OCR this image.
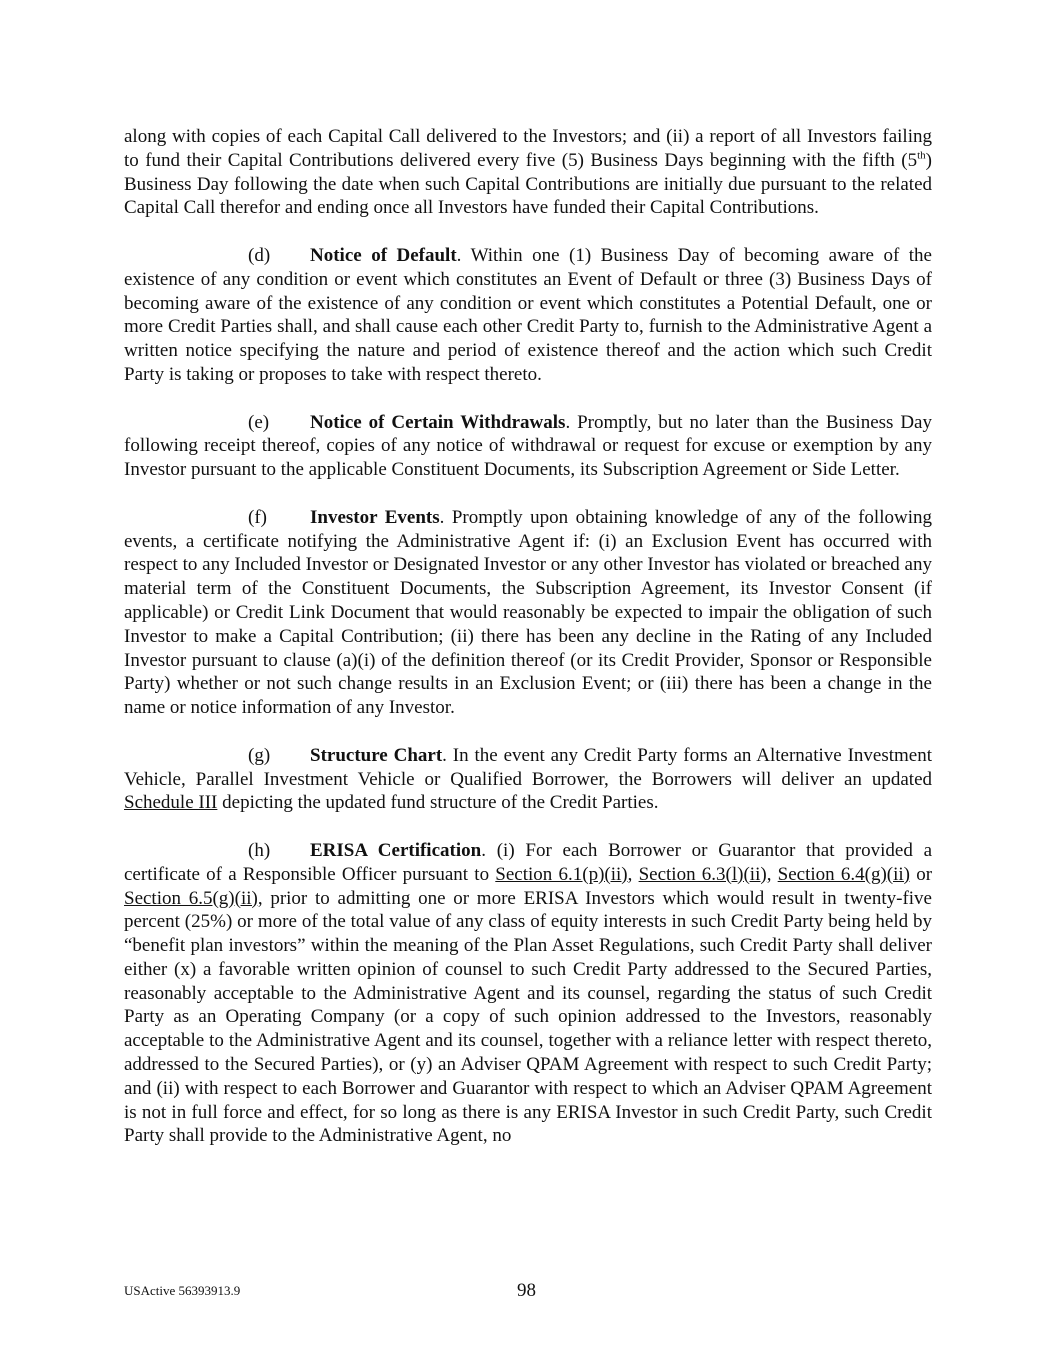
along with copies of each Capital Call delivered to the Investors; and (ii) a report of all Investors failing to fund their Capital Contributions delivered every five (5) Business Days beginning with the fifth (5th) Business Day following the date when such Capital Contributions are initially due pursuant to the related Capital Call therefor and ending once all Investors have funded their Capital Contributions.

(d) Notice of Default. Within one (1) Business Day of becoming aware of the existence of any condition or event which constitutes an Event of Default or three (3) Business Days of becoming aware of the existence of any condition or event which constitutes a Potential Default, one or more Credit Parties shall, and shall cause each other Credit Party to, furnish to the Administrative Agent a written notice specifying the nature and period of existence thereof and the action which such Credit Party is taking or proposes to take with respect thereto.

(e) Notice of Certain Withdrawals. Promptly, but no later than the Business Day following receipt thereof, copies of any notice of withdrawal or request for excuse or exemption by any Investor pursuant to the applicable Constituent Documents, its Subscription Agreement or Side Letter.

(f) Investor Events. Promptly upon obtaining knowledge of any of the following events, a certificate notifying the Administrative Agent if: (i) an Exclusion Event has occurred with respect to any Included Investor or Designated Investor or any other Investor has violated or breached any material term of the Constituent Documents, the Subscription Agreement, its Investor Consent (if applicable) or Credit Link Document that would reasonably be expected to impair the obligation of such Investor to make a Capital Contribution; (ii) there has been any decline in the Rating of any Included Investor pursuant to clause (a)(i) of the definition thereof (or its Credit Provider, Sponsor or Responsible Party) whether or not such change results in an Exclusion Event; or (iii) there has been a change in the name or notice information of any Investor.

(g) Structure Chart. In the event any Credit Party forms an Alternative Investment Vehicle, Parallel Investment Vehicle or Qualified Borrower, the Borrowers will deliver an updated Schedule III depicting the updated fund structure of the Credit Parties.

(h) ERISA Certification. (i) For each Borrower or Guarantor that provided a certificate of a Responsible Officer pursuant to Section 6.1(p)(ii), Section 6.3(l)(ii), Section 6.4(g)(ii) or Section 6.5(g)(ii), prior to admitting one or more ERISA Investors which would result in twenty-five percent (25%) or more of the total value of any class of equity interests in such Credit Party being held by “benefit plan investors” within the meaning of the Plan Asset Regulations, such Credit Party shall deliver either (x) a favorable written opinion of counsel to such Credit Party addressed to the Secured Parties, reasonably acceptable to the Administrative Agent and its counsel, regarding the status of such Credit Party as an Operating Company (or a copy of such opinion addressed to the Investors, reasonably acceptable to the Administrative Agent and its counsel, together with a reliance letter with respect thereto, addressed to the Secured Parties), or (y) an Adviser QPAM Agreement with respect to such Credit Party; and (ii) with respect to each Borrower and Guarantor with respect to which an Adviser QPAM Agreement is not in full force and effect, for so long as there is any ERISA Investor in such Credit Party, such Credit Party shall provide to the Administrative Agent, no

USActive 56393913.9	98
